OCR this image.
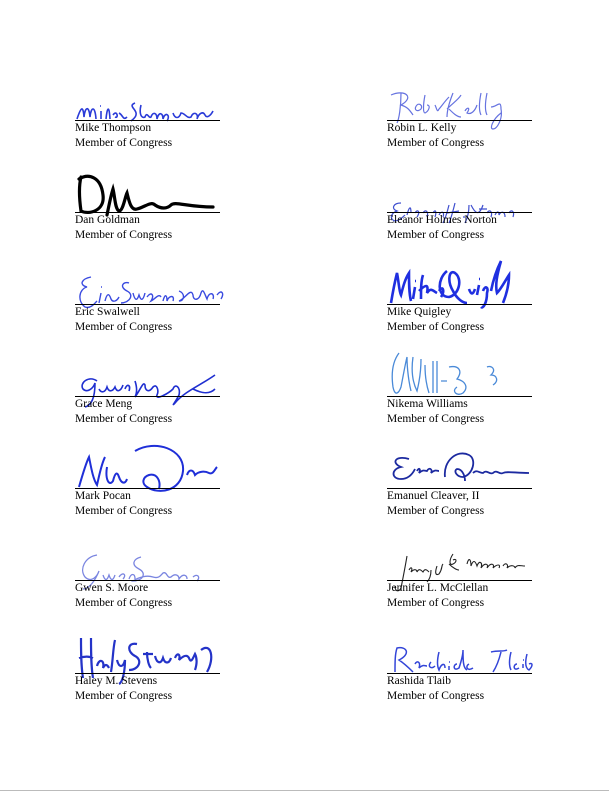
Mike Thompson
Member of Congress
Dan Goldman
Member of Congress
Eric Swalwell
Member of Congress
Grace Meng
Member of Congress
Mark Pocan
Member of Congress
Gwen S. Moore
Member of Congress
Haley M. Stevens
Member of Congress
Robin L. Kelly
Member of Congress
Eleanor Holmes Norton
Member of Congress
Mike Quigley
Member of Congress
Nikema Williams
Member of Congress
Emanuel Cleaver, II
Member of Congress
Jennifer L. McClellan
Member of Congress
Rashida Tlaib
Member of Congress
